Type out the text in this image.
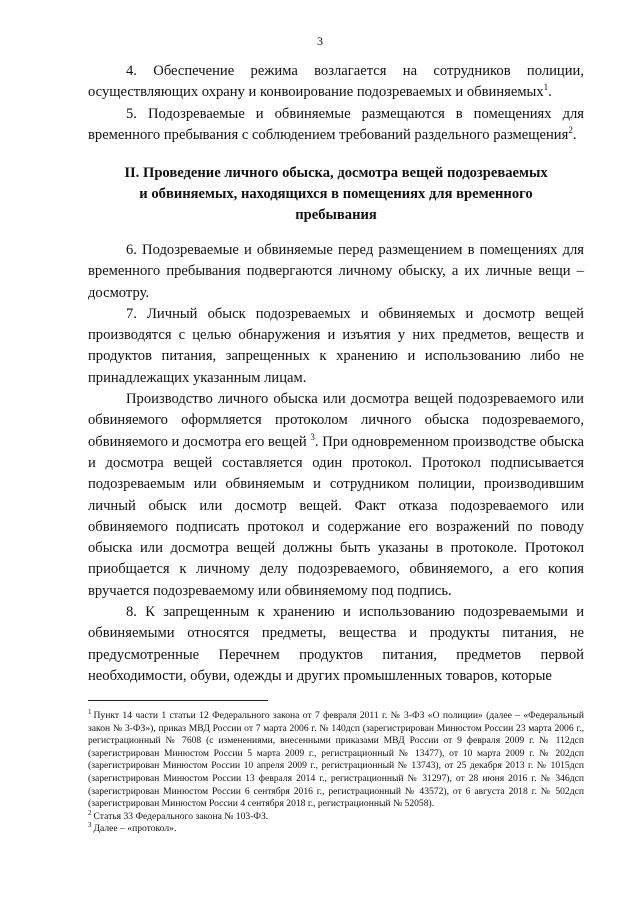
3

4. Обеспечение режима возлагается на сотрудников полиции, осуществляющих охрану и конвоирование подозреваемых и обвиняемых$^1$.

5. Подозреваемые и обвиняемые размещаются в помещениях для временного пребывания с соблюдением требований раздельного размещения$^2$.

II. Проведение личного обыска, досмотра вещей подозреваемых
и обвиняемых, находящихся в помещениях для временного
пребывания

6. Подозреваемые и обвиняемые перед размещением в помещениях для временного пребывания подвергаются личному обыску, а их личные вещи – досмотру.

7. Личный обыск подозреваемых и обвиняемых и досмотр вещей производятся с целью обнаружения и изъятия у них предметов, веществ и продуктов питания, запрещенных к хранению и использованию либо не принадлежащих указанным лицам.

Производство личного обыска или досмотра вещей подозреваемого или обвиняемого оформляется протоколом личного обыска подозреваемого, обвиняемого и досмотра его вещей $^3$. При одновременном производстве обыска и досмотра вещей составляется один протокол. Протокол подписывается подозреваемым или обвиняемым и сотрудником полиции, производившим личный обыск или досмотр вещей. Факт отказа подозреваемого или обвиняемого подписать протокол и содержание его возражений по поводу обыска или досмотра вещей должны быть указаны в протоколе. Протокол приобщается к личному делу подозреваемого, обвиняемого, а его копия вручается подозреваемому или обвиняемому под подпись.

8. К запрещенным к хранению и использованию подозреваемыми и обвиняемыми относятся предметы, вещества и продукты питания, не предусмотренные Перечнем продуктов питания, предметов первой необходимости, обуви, одежды и других промышленных товаров, которые

$^1$ Пункт 14 части 1 статьи 12 Федерального закона от 7 февраля 2011 г. № 3-ФЗ «О полиции» (далее – «Федеральный закон № 3-ФЗ»), приказ МВД России от 7 марта 2006 г. № 140дсп (зарегистрирован Минюстом России 23 марта 2006 г., регистрационный № 7608 (с изменениями, внесенными приказами МВД России от 9 февраля 2009 г. № 112дсп (зарегистрирован Минюстом России 5 марта 2009 г., регистрационный № 13477), от 10 марта 2009 г. № 202дсп (зарегистрирован Минюстом России 10 апреля 2009 г., регистрационный № 13743), от 25 декабря 2013 г. № 1015дсп (зарегистрирован Минюстом России 13 февраля 2014 г., регистрационный № 31297), от 28 июня 2016 г. № 346дсп (зарегистрирован Минюстом России 6 сентября 2016 г., регистрационный № 43572), от 6 августа 2018 г. № 502дсп (зарегистрирован Минюстом России 4 сентября 2018 г., регистрационный № 52058).

$^2$ Статья 33 Федерального закона № 103-ФЗ.

$^3$ Далее – «протокол».
